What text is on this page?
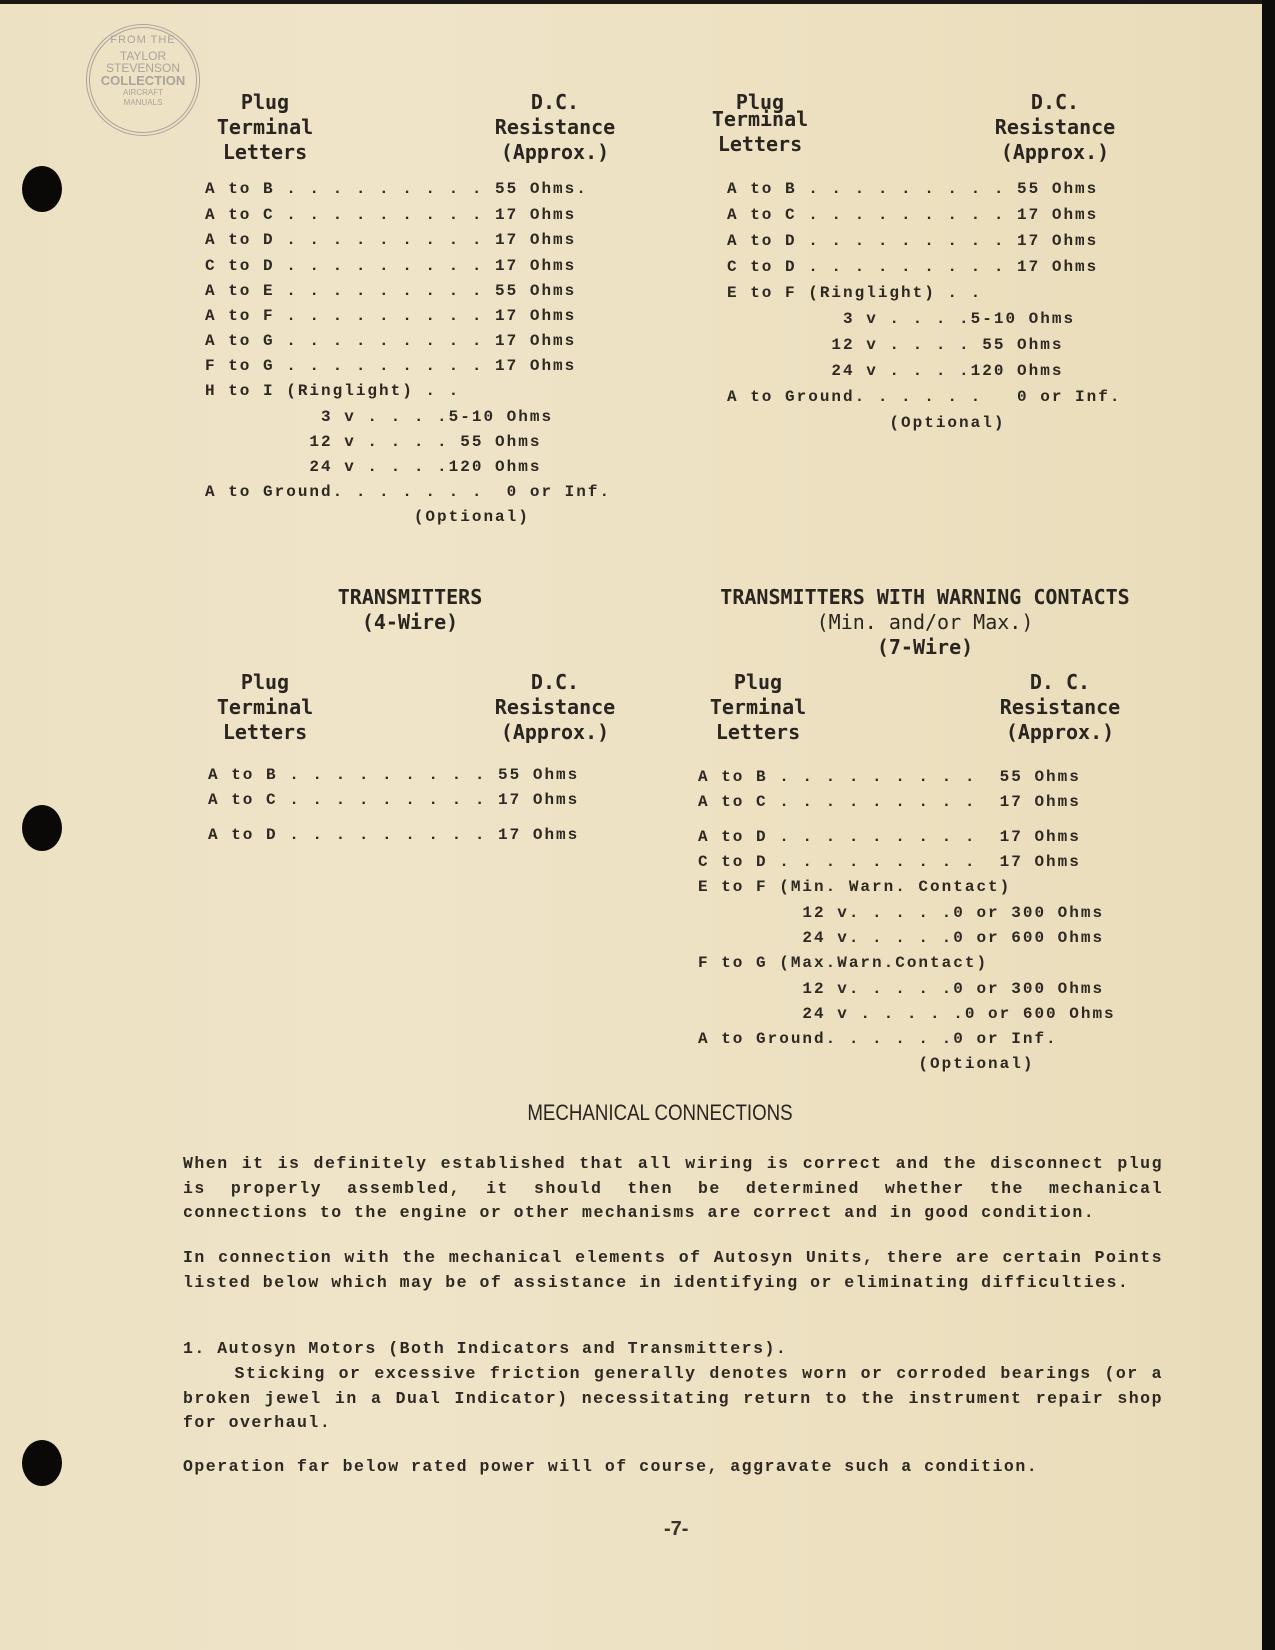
FROM THE
TAYLOR
STEVENSON
COLLECTION
AIRCRAFT
MANUALS	Plug
Terminal
Letters
D.C.
Resistance
(Approx.)
A to B . . . . . . . . . 55 Ohms.
A to C . . . . . . . . . 17 Ohms
A to D . . . . . . . . . 17 Ohms
C to D . . . . . . . . . 17 Ohms
A to E . . . . . . . . . 55 Ohms
A to F . . . . . . . . . 17 Ohms
A to G . . . . . . . . . 17 Ohms
F to G . . . . . . . . . 17 Ohms
H to I (Ringlight) . .
3 v . . . .5-10 Ohms
12 v . . . . 55 Ohms
24 v . . . .120 Ohms
A to Ground. . . . . . .  0 or Inf.
(Optional)
Plug
Terminal
Letters
D.C.
Resistance
(Approx.)
A to B . . . . . . . . . 55 Ohms
A to C . . . . . . . . . 17 Ohms
A to D . . . . . . . . . 17 Ohms
C to D . . . . . . . . . 17 Ohms
E to F (Ringlight) . .
3 v . . . .5-10 Ohms
12 v . . . . 55 Ohms
24 v . . . .120 Ohms
A to Ground. . . . . .   0 or Inf.
(Optional)
TRANSMITTERS
(4-Wire)
Plug
Terminal
Letters
D.C.
Resistance
(Approx.)
A to B . . . . . . . . . 55 Ohms
A to C . . . . . . . . . 17 Ohms
A to D . . . . . . . . . 17 Ohms
TRANSMITTERS WITH WARNING CONTACTS
(Min. and/or Max.)
(7-Wire)
Plug
Terminal
Letters
D. C.
Resistance
(Approx.)
A to B . . . . . . . . .  55 Ohms
A to C . . . . . . . . .  17 Ohms
A to D . . . . . . . . .  17 Ohms
C to D . . . . . . . . .  17 Ohms
E to F (Min. Warn. Contact)
12 v. . . . .0 or 300 Ohms
24 v. . . . .0 or 600 Ohms
F to G (Max.Warn.Contact)
12 v. . . . .0 or 300 Ohms
24 v . . . . .0 or 600 Ohms
A to Ground. . . . . .0 or Inf.
(Optional)
MECHANICAL CONNECTIONS
When it is definitely established that all wiring is correct and the disconnect plug is properly assembled, it should then be determined whether the mechanical connections to the engine or other mechanisms are correct and in good condition.
In connection with the mechanical elements of Autosyn Units, there are certain Points listed below which may be of assistance in identifying or eliminating difficulties.
1. Autosyn Motors (Both Indicators and Transmitters).
Sticking or excessive friction generally denotes worn or corroded bearings (or a broken jewel in a Dual Indicator) necessitating return to the instrument repair shop for overhaul.
Operation far below rated power will of course, aggravate such a condition.
-7-
